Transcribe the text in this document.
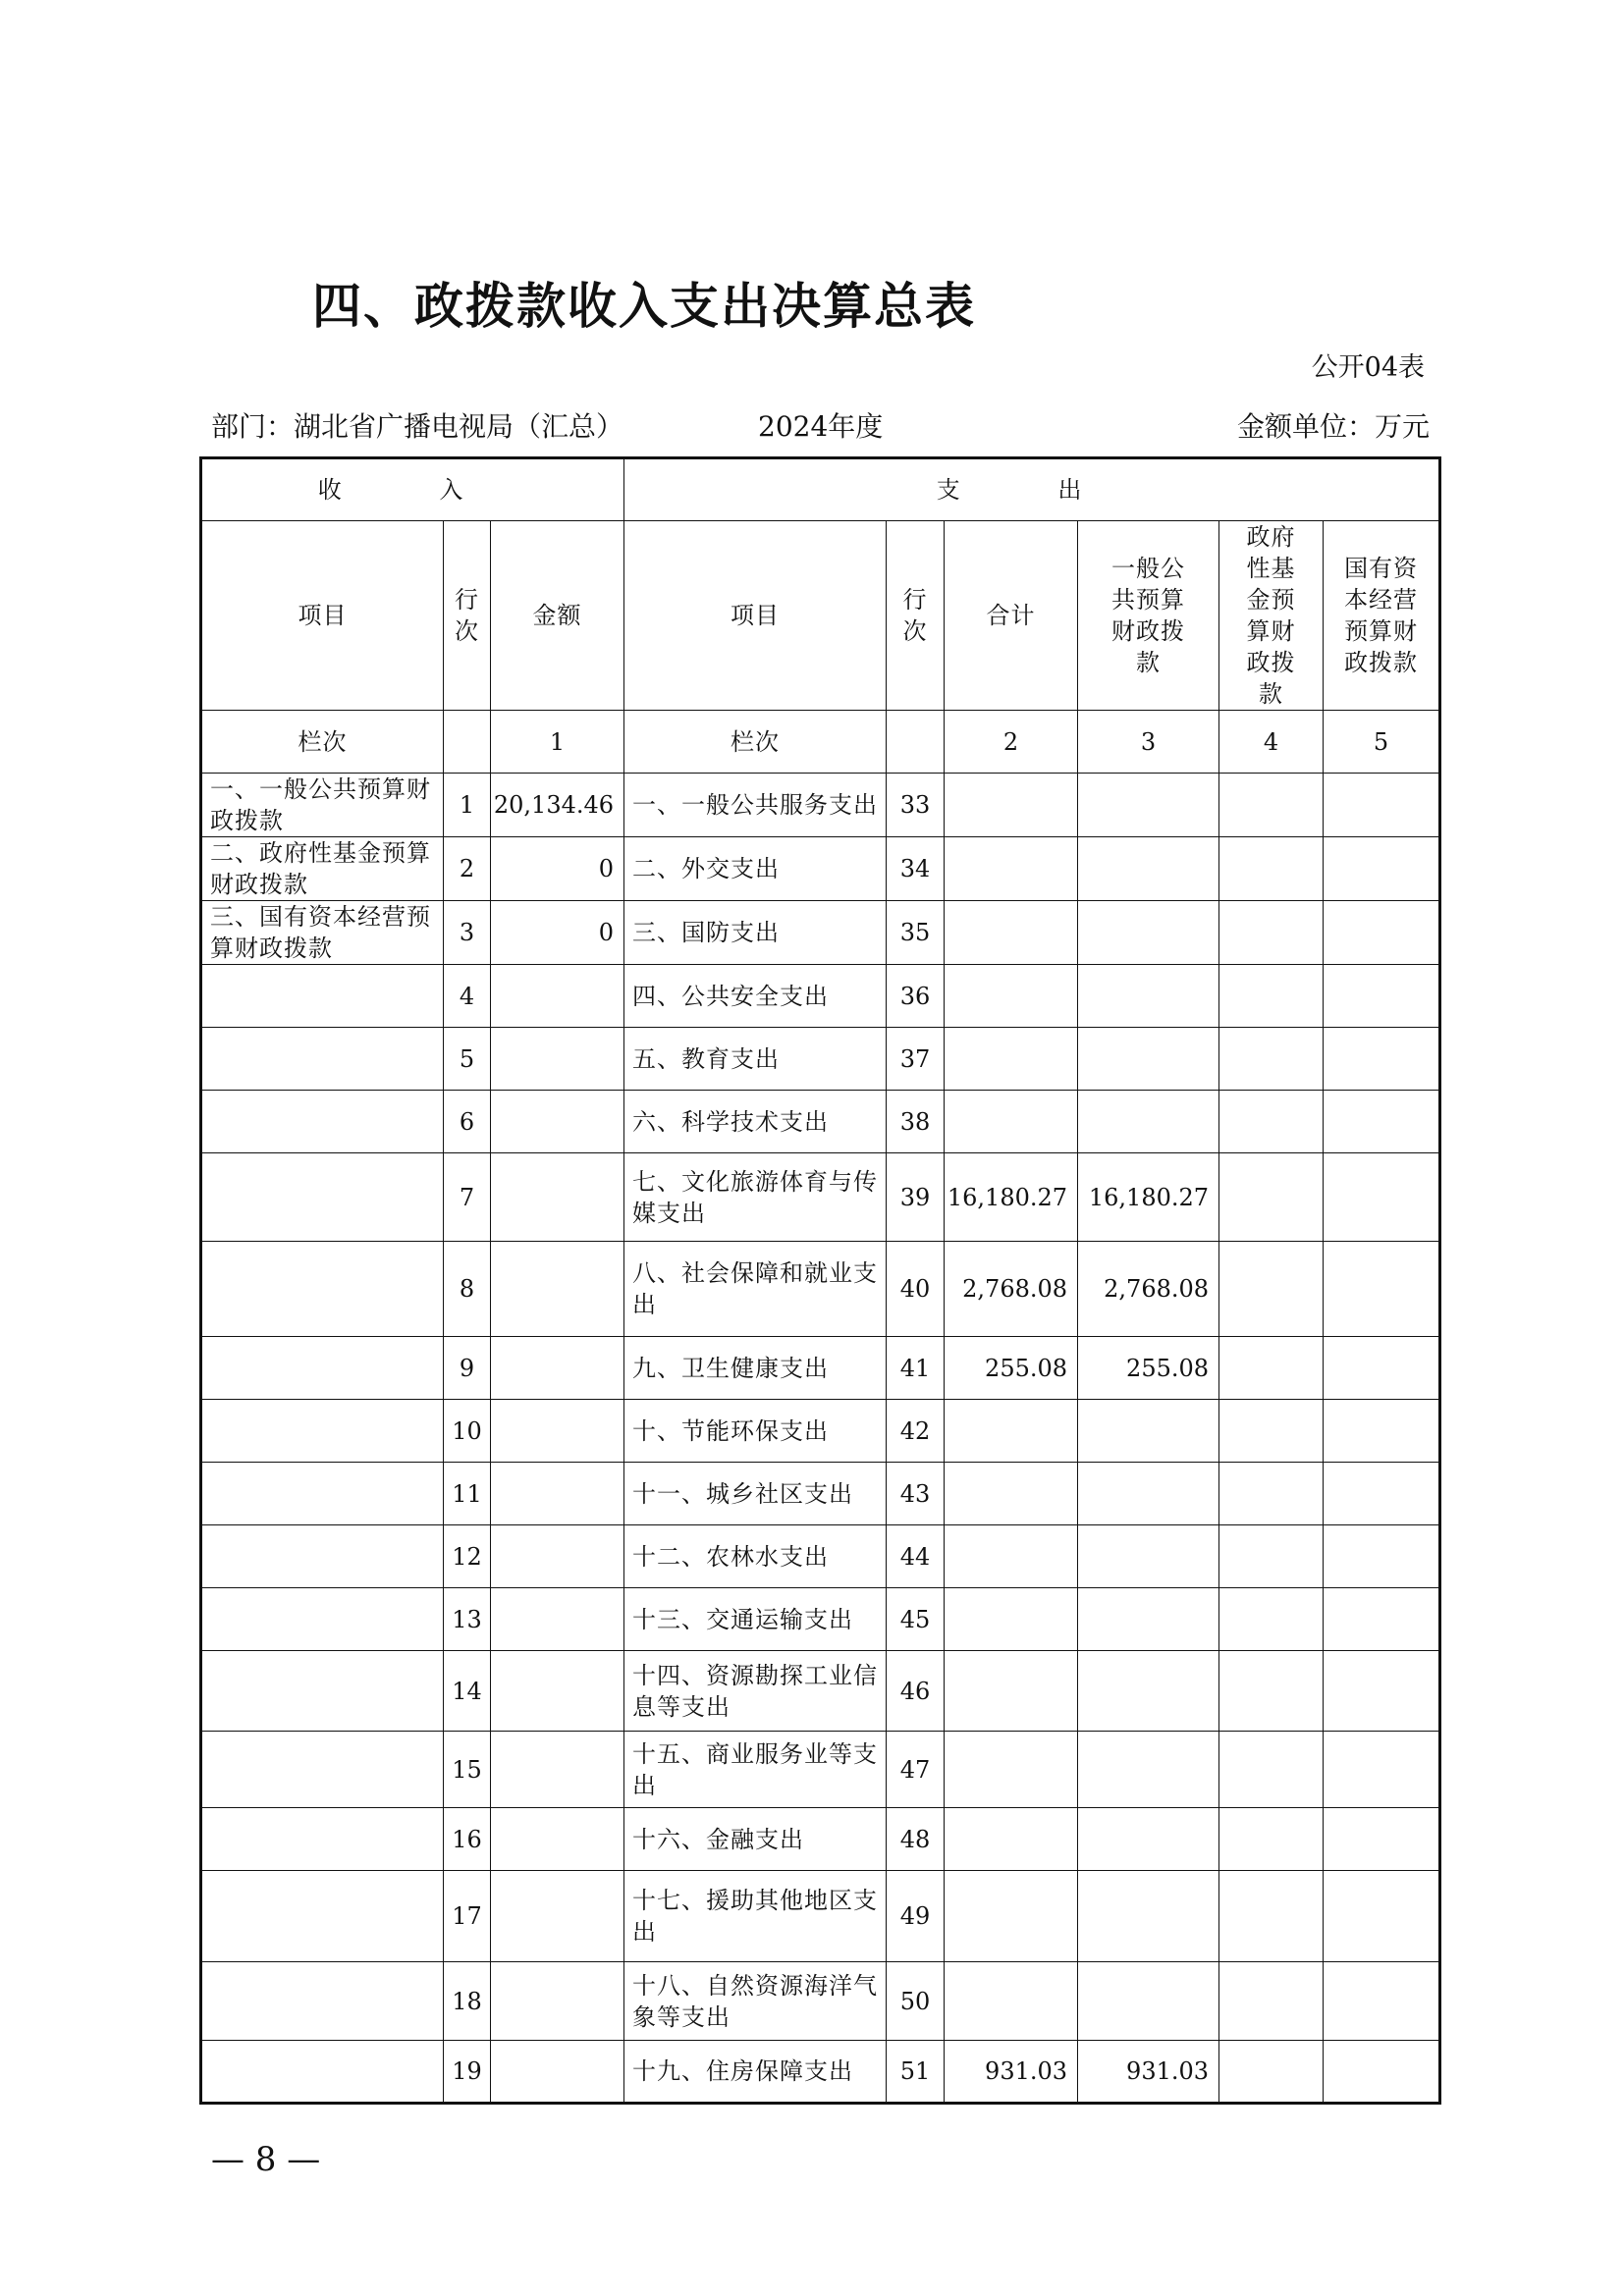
四、政拨款收入支出决算总表
公开04表
部门：湖北省广播电视局（汇总）	2024年度	金额单位：万元
收 入			支 出					
项目	行次	金额	项目	行次	合计	一般公共预算财政拨款	政府性基金预算财政拨款	国有资本经营预算财政拨款
栏次		1	栏次		2	3	4	5
一、一般公共预算财政拨款	1	20,134.46	一、一般公共服务支出	33				
二、政府性基金预算财政拨款	2	0	二、外交支出	34				
三、国有资本经营预算财政拨款	3	0	三、国防支出	35				
	4		四、公共安全支出	36				
	5		五、教育支出	37				
	6		六、科学技术支出	38				
	7		七、文化旅游体育与传媒支出	39	16,180.27	16,180.27		
	8		八、社会保障和就业支出	40	2,768.08	2,768.08		
	9		九、卫生健康支出	41	255.08	255.08		
	10		十、节能环保支出	42				
	11		十一、城乡社区支出	43				
	12		十二、农林水支出	44				
	13		十三、交通运输支出	45				
	14		十四、资源勘探工业信息等支出	46				
	15		十五、商业服务业等支出	47				
	16		十六、金融支出	48				
	17		十七、援助其他地区支出	49				
	18		十八、自然资源海洋气象等支出	50				
	19		十九、住房保障支出	51	931.03	931.03		
— 8 —
